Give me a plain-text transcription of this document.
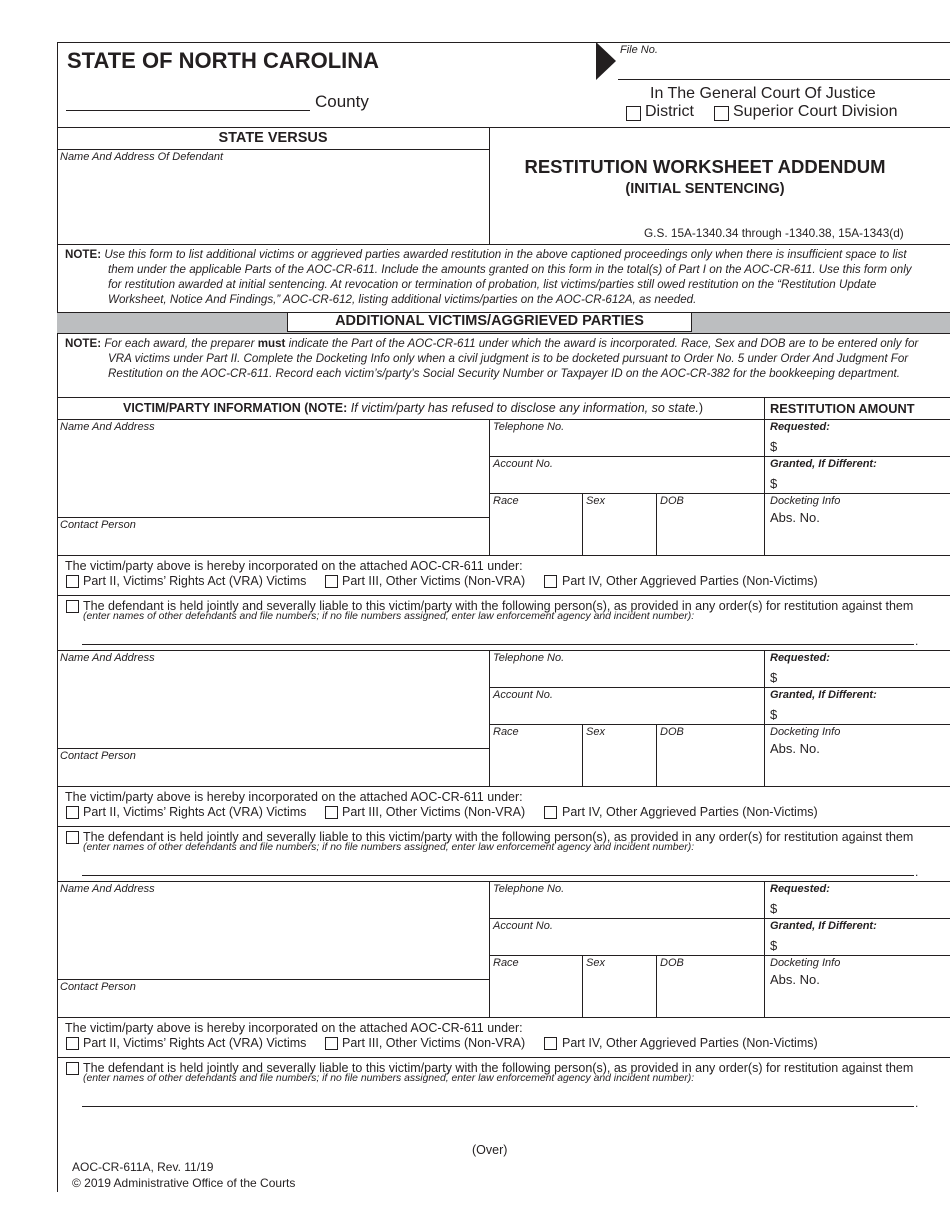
STATE OF NORTH CAROLINA
County
File No.
In The General Court Of Justice
District Superior Court Division
STATE VERSUS
Name And Address Of Defendant	RESTITUTION WORKSHEET ADDENDUM
(INITIAL SENTENCING)
G.S. 15A-1340.34 through -1340.38, 15A-1343(d)
NOTE: Use this form to list additional victims or aggrieved parties awarded restitution in the above captioned proceedings only when there is insufficient space to list them under the applicable Parts of the AOC-CR-611. Include the amounts granted on this form in the total(s) of Part I on the AOC-CR-611. Use this form only for restitution awarded at initial sentencing. At revocation or termination of probation, list victims/parties still owed restitution on the “Restitution Update Worksheet, Notice And Findings,” AOC-CR-612, listing additional victims/parties on the AOC-CR-612A, as needed.
ADDITIONAL VICTIMS/AGGRIEVED PARTIES
NOTE: For each award, the preparer must indicate the Part of the AOC-CR-611 under which the award is incorporated. Race, Sex and DOB are to be entered only for VRA victims under Part II. Complete the Docketing Info only when a civil judgment is to be docketed pursuant to Order No. 5 under Order And Judgment For Restitution on the AOC-CR-611. Record each victim’s/party’s Social Security Number or Taxpayer ID on the AOC-CR-382 for the bookkeeping department.
VICTIM/PARTY INFORMATION (NOTE: If victim/party has refused to disclose any information, so state.)	RESTITUTION AMOUNT
Name And Address
Contact Person
Telephone No.
Account No.
Race	Sex	DOB
Requested:
$
Granted, If Different:
$
Docketing Info
Abs. No.
The victim/party above is hereby incorporated on the attached AOC-CR-611 under:
Part II, Victims’ Rights Act (VRA) Victims	Part III, Other Victims (Non-VRA)	Part IV, Other Aggrieved Parties (Non-Victims)
The defendant is held jointly and severally liable to this victim/party with the following person(s), as provided in any order(s) for restitution against them
(enter names of other defendants and file numbers; if no file numbers assigned, enter law enforcement agency and incident number):
.
Name And Address
Contact Person
Telephone No.
Account No.
Race	Sex	DOB
Requested:
$
Granted, If Different:
$
Docketing Info
Abs. No.
The victim/party above is hereby incorporated on the attached AOC-CR-611 under:
Part II, Victims’ Rights Act (VRA) Victims	Part III, Other Victims (Non-VRA)	Part IV, Other Aggrieved Parties (Non-Victims)
The defendant is held jointly and severally liable to this victim/party with the following person(s), as provided in any order(s) for restitution against them
(enter names of other defendants and file numbers; if no file numbers assigned, enter law enforcement agency and incident number):
.
Name And Address
Contact Person
Telephone No.
Account No.
Race	Sex	DOB
Requested:
$
Granted, If Different:
$
Docketing Info
Abs. No.
The victim/party above is hereby incorporated on the attached AOC-CR-611 under:
Part II, Victims’ Rights Act (VRA) Victims	Part III, Other Victims (Non-VRA)	Part IV, Other Aggrieved Parties (Non-Victims)
The defendant is held jointly and severally liable to this victim/party with the following person(s), as provided in any order(s) for restitution against them
(enter names of other defendants and file numbers; if no file numbers assigned, enter law enforcement agency and incident number):
.
(Over)
AOC-CR-611A, Rev. 11/19
© 2019 Administrative Office of the Courts
